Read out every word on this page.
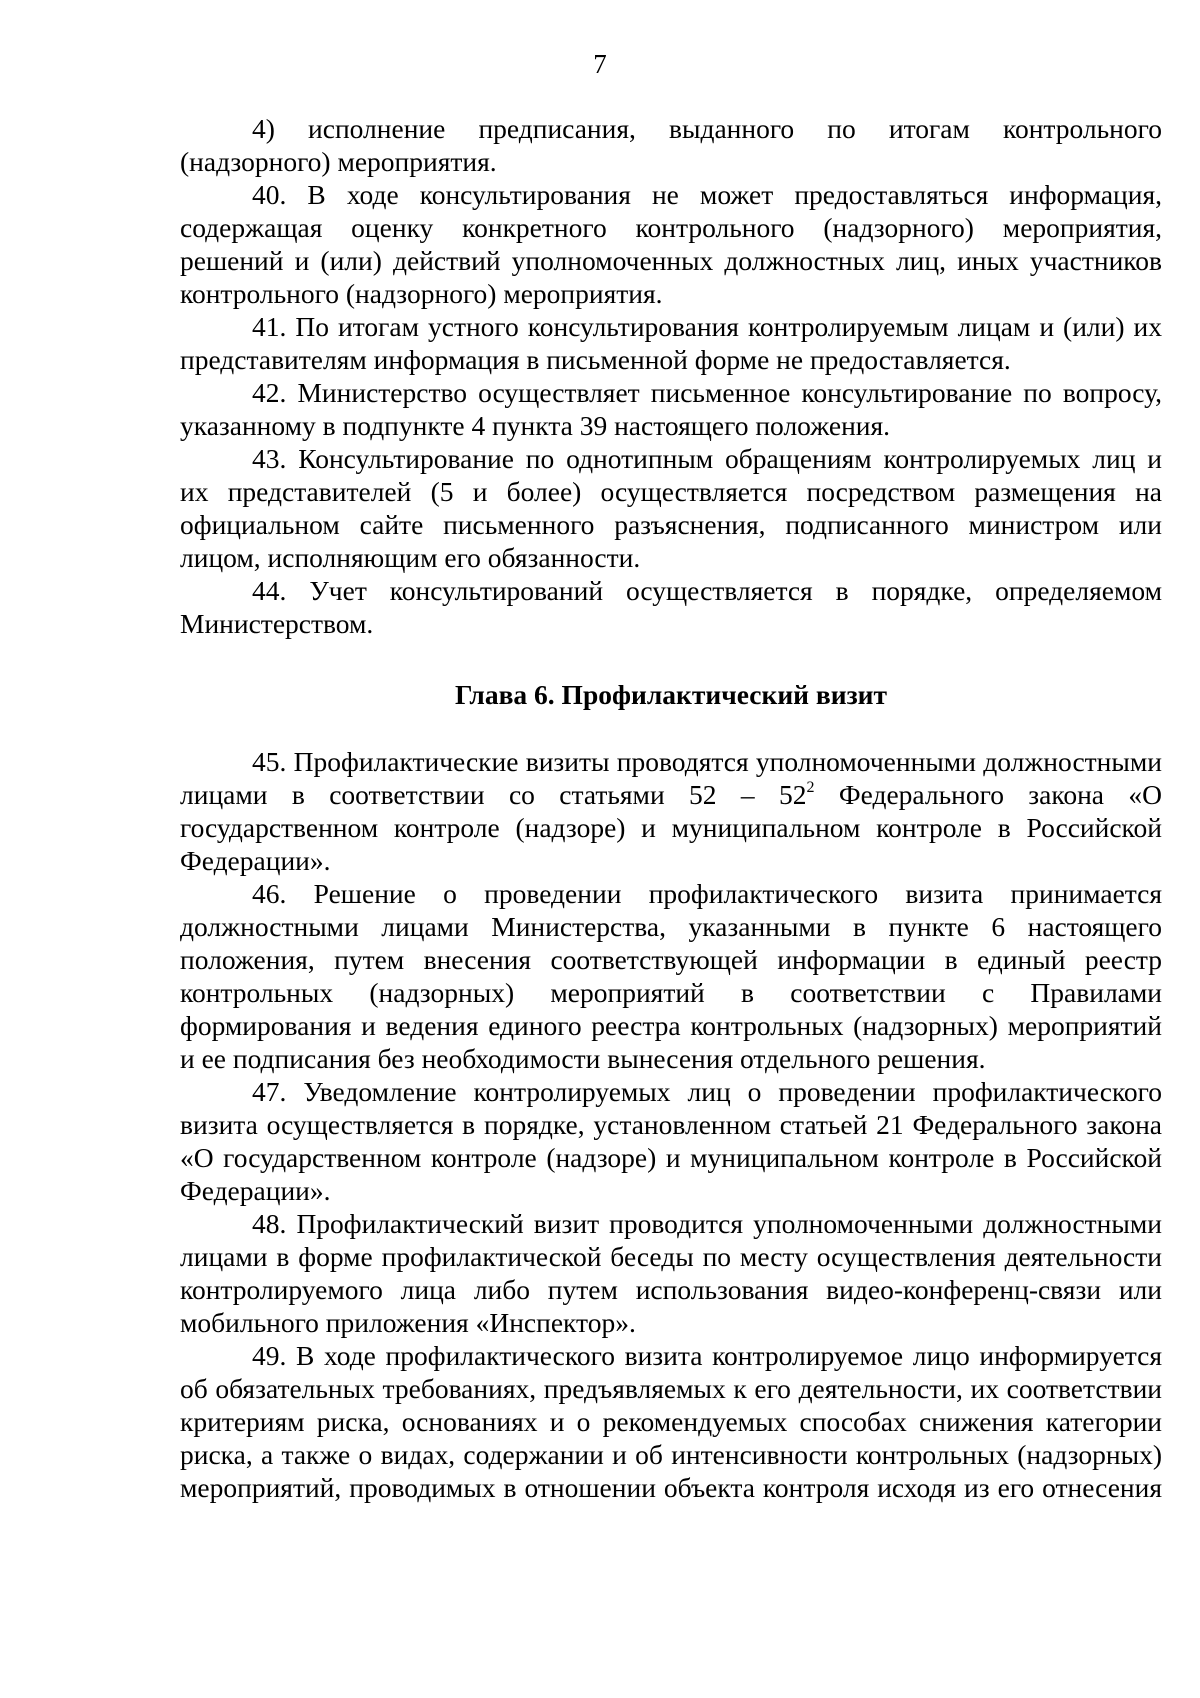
7

4) исполнение предписания, выданного по итогам контрольного (надзорного) мероприятия.

40. В ходе консультирования не может предоставляться информация, содержащая оценку конкретного контрольного (надзорного) мероприятия, решений и (или) действий уполномоченных должностных лиц, иных участников контрольного (надзорного) мероприятия.

41. По итогам устного консультирования контролируемым лицам и (или) их представителям информация в письменной форме не предоставляется.

42. Министерство осуществляет письменное консультирование по вопросу, указанному в подпункте 4 пункта 39 настоящего положения.

43. Консультирование по однотипным обращениям контролируемых лиц и их представителей (5 и более) осуществляется посредством размещения на официальном сайте письменного разъяснения, подписанного министром или лицом, исполняющим его обязанности.

44. Учет консультирований осуществляется в порядке, определяемом Министерством.

Глава 6. Профилактический визит

45. Профилактические визиты проводятся уполномоченными должностными лицами в соответствии со статьями $52 - 52^2$ Федерального закона «О государственном контроле (надзоре) и муниципальном контроле в Российской Федерации».

46. Решение о проведении профилактического визита принимается должностными лицами Министерства, указанными в пункте 6 настоящего положения, путем внесения соответствующей информации в единый реестр контрольных (надзорных) мероприятий в соответствии с Правилами формирования и ведения единого реестра контрольных (надзорных) мероприятий и ее подписания без необходимости вынесения отдельного решения.

47. Уведомление контролируемых лиц о проведении профилактического визита осуществляется в порядке, установленном статьей 21 Федерального закона «О государственном контроле (надзоре) и муниципальном контроле в Российской Федерации».

48. Профилактический визит проводится уполномоченными должностными лицами в форме профилактической беседы по месту осуществления деятельности контролируемого лица либо путем использования видео-конференц-связи или мобильного приложения «Инспектор».

49. В ходе профилактического визита контролируемое лицо информируется об обязательных требованиях, предъявляемых к его деятельности, их соответствии критериям риска, основаниях и о рекомендуемых способах снижения категории риска, а также о видах, содержании и об интенсивности контрольных (надзорных) мероприятий, проводимых в отношении объекта контроля исходя из его отнесения
